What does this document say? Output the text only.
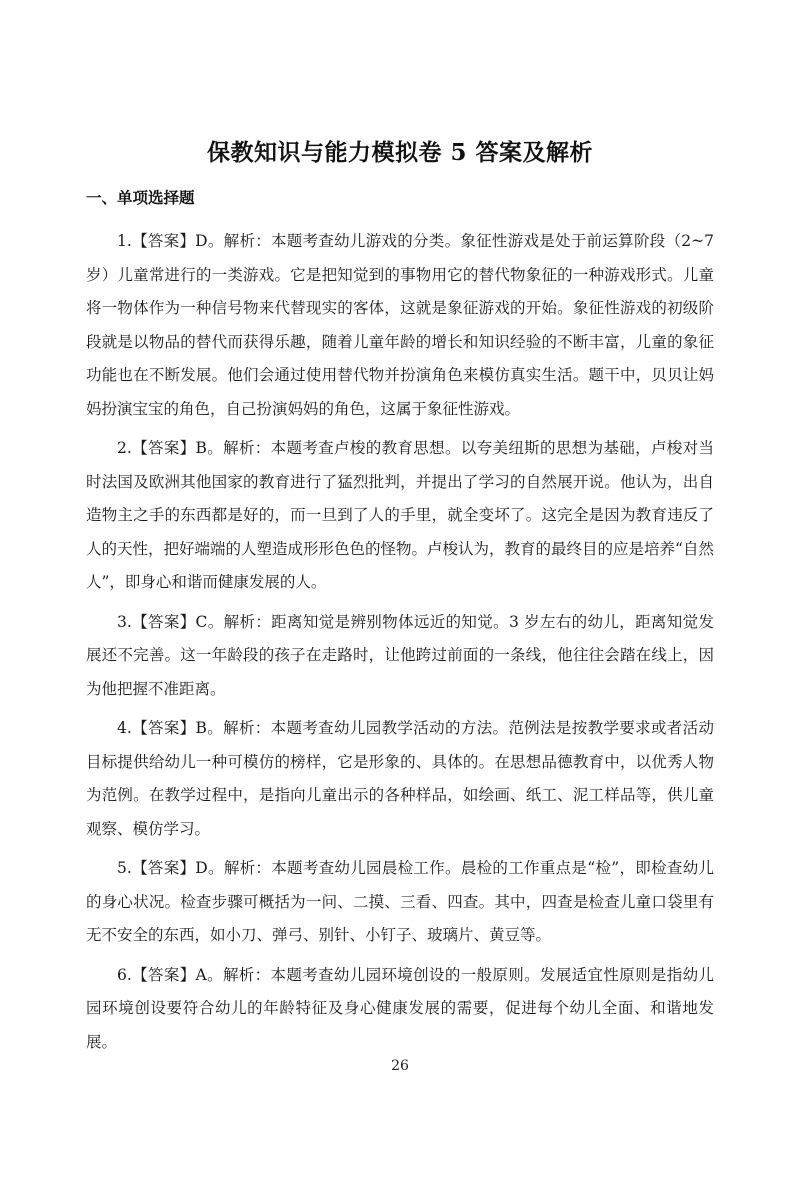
保教知识与能力模拟卷 5 答案及解析
一、单项选择题

1.【答案】D。解析：本题考查幼儿游戏的分类。象征性游戏是处于前运算阶段（2~7 岁）儿童常进行的一类游戏。它是把知觉到的事物用它的替代物象征的一种游戏形式。儿童将一物体作为一种信号物来代替现实的客体，这就是象征游戏的开始。象征性游戏的初级阶段就是以物品的替代而获得乐趣，随着儿童年龄的增长和知识经验的不断丰富，儿童的象征功能也在不断发展。他们会通过使用替代物并扮演角色来模仿真实生活。题干中，贝贝让妈妈扮演宝宝的角色，自己扮演妈妈的角色，这属于象征性游戏。

2.【答案】B。解析：本题考查卢梭的教育思想。以夸美纽斯的思想为基础，卢梭对当时法国及欧洲其他国家的教育进行了猛烈批判，并提出了学习的自然展开说。他认为，出自造物主之手的东西都是好的，而一旦到了人的手里，就全变坏了。这完全是因为教育违反了人的天性，把好端端的人塑造成形形色色的怪物。卢梭认为，教育的最终目的应是培养“自然人”，即身心和谐而健康发展的人。

3.【答案】C。解析：距离知觉是辨别物体远近的知觉。3 岁左右的幼儿，距离知觉发展还不完善。这一年龄段的孩子在走路时，让他跨过前面的一条线，他往往会踏在线上，因为他把握不准距离。

4.【答案】B。解析：本题考查幼儿园教学活动的方法。范例法是按教学要求或者活动目标提供给幼儿一种可模仿的榜样，它是形象的、具体的。在思想品德教育中，以优秀人物为范例。在教学过程中，是指向儿童出示的各种样品，如绘画、纸工、泥工样品等，供儿童观察、模仿学习。

5.【答案】D。解析：本题考查幼儿园晨检工作。晨检的工作重点是“检”，即检查幼儿的身心状况。检查步骤可概括为一问、二摸、三看、四查。其中，四查是检查儿童口袋里有无不安全的东西，如小刀、弹弓、别针、小钉子、玻璃片、黄豆等。

6.【答案】A。解析：本题考查幼儿园环境创设的一般原则。发展适宜性原则是指幼儿园环境创设要符合幼儿的年龄特征及身心健康发展的需要，促进每个幼儿全面、和谐地发展。

26
